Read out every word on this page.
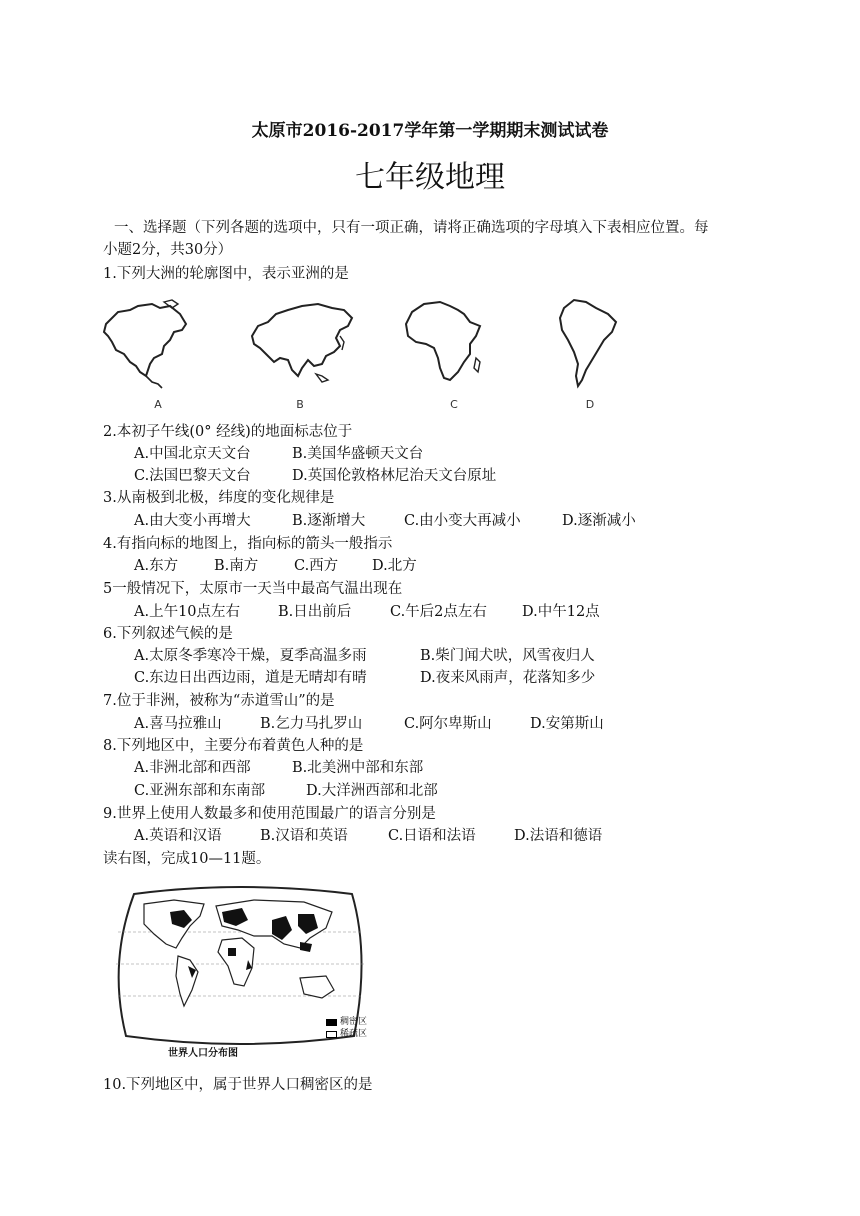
太原市2016-2017学年第一学期期末测试试卷
七年级地理
一、选择题（下列各题的选项中，只有一项正确，请将正确选项的字母填入下表相应位置。每
小题2分，共30分）
1.下列大洲的轮廓图中，表示亚洲的是
A	B	C	D
2.本初子午线(0° 经线)的地面标志位于
A.中国北京天文台	B.美国华盛顿天文台
C.法国巴黎天文台	D.英国伦敦格林尼治天文台原址
3.从南极到北极，纬度的变化规律是
A.由大变小再增大	B.逐渐增大	C.由小变大再减小	D.逐渐减小
4.有指向标的地图上，指向标的箭头一般指示
A.东方 B.南方 C.西方 D.北方
5一般情况下，太原市一天当中最高气温出现在
A.上午10点左右	B.日出前后	C.午后2点左右 D.中午12点
6.下列叙述气候的是
A.太原冬季寒冷干燥，夏季高温多雨	B.柴门闻犬吠，风雪夜归人
C.东边日出西边雨，道是无晴却有晴	D.夜来风雨声，花落知多少
7.位于非洲，被称为“赤道雪山”的是
A.喜马拉雅山	B.乞力马扎罗山	C.阿尔卑斯山	D.安第斯山
8.下列地区中，主要分布着黄色人种的是
A.非洲北部和西部	B.北美洲中部和东部
C.亚洲东部和东南部	D.大洋洲西部和北部
9.世界上使用人数最多和使用范围最广的语言分别是
A.英语和汉语	B.汉语和英语	C.日语和法语	D.法语和德语
读右图，完成10—11题。
稠密区
稀疏区
世界人口分布图
10.下列地区中，属于世界人口稠密区的是
